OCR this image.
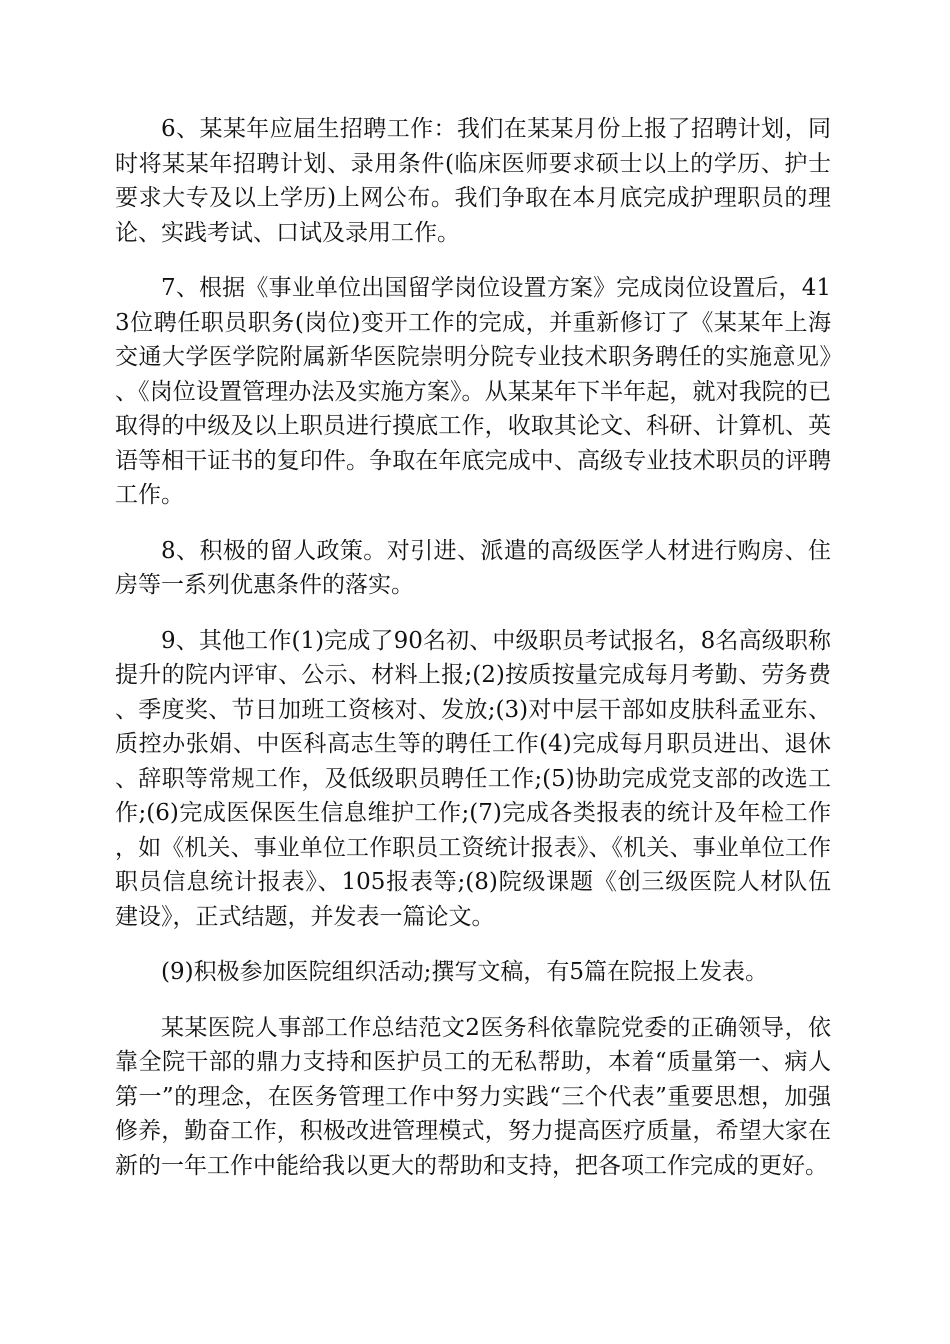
6、某某年应届生招聘工作：我们在某某月份上报了招聘计划，同时将某某年招聘计划、录用条件(临床医师要求硕士以上的学历、护士要求大专及以上学历)上网公布。我们争取在本月底完成护理职员的理论、实践考试、口试及录用工作。

7、根据《事业单位出国留学岗位设置方案》完成岗位设置后，413位聘任职员职务(岗位)变开工作的完成，并重新修订了《某某年上海交通大学医学院附属新华医院崇明分院专业技术职务聘任的实施意见》、《岗位设置管理办法及实施方案》。从某某年下半年起，就对我院的已取得的中级及以上职员进行摸底工作，收取其论文、科研、计算机、英语等相干证书的复印件。争取在年底完成中、高级专业技术职员的评聘工作。

8、积极的留人政策。对引进、派遣的高级医学人材进行购房、住房等一系列优惠条件的落实。

9、其他工作(1)完成了90名初、中级职员考试报名，8名高级职称提升的院内评审、公示、材料上报;(2)按质按量完成每月考勤、劳务费、季度奖、节日加班工资核对、发放;(3)对中层干部如皮肤科孟亚东、质控办张娟、中医科高志生等的聘任工作(4)完成每月职员进出、退休、辞职等常规工作，及低级职员聘任工作;(5)协助完成党支部的改选工作;(6)完成医保医生信息维护工作;(7)完成各类报表的统计及年检工作，如《机关、事业单位工作职员工资统计报表》、《机关、事业单位工作职员信息统计报表》、105报表等;(8)院级课题《创三级医院人材队伍建设》，正式结题，并发表一篇论文。

(9)积极参加医院组织活动;撰写文稿，有5篇在院报上发表。

某某医院人事部工作总结范文2医务科依靠院党委的正确领导，依靠全院干部的鼎力支持和医护员工的无私帮助，本着“质量第一、病人第一”的理念，在医务管理工作中努力实践“三个代表”重要思想，加强修养，勤奋工作，积极改进管理模式，努力提高医疗质量，希望大家在新的一年工作中能给我以更大的帮助和支持，把各项工作完成的更好。
